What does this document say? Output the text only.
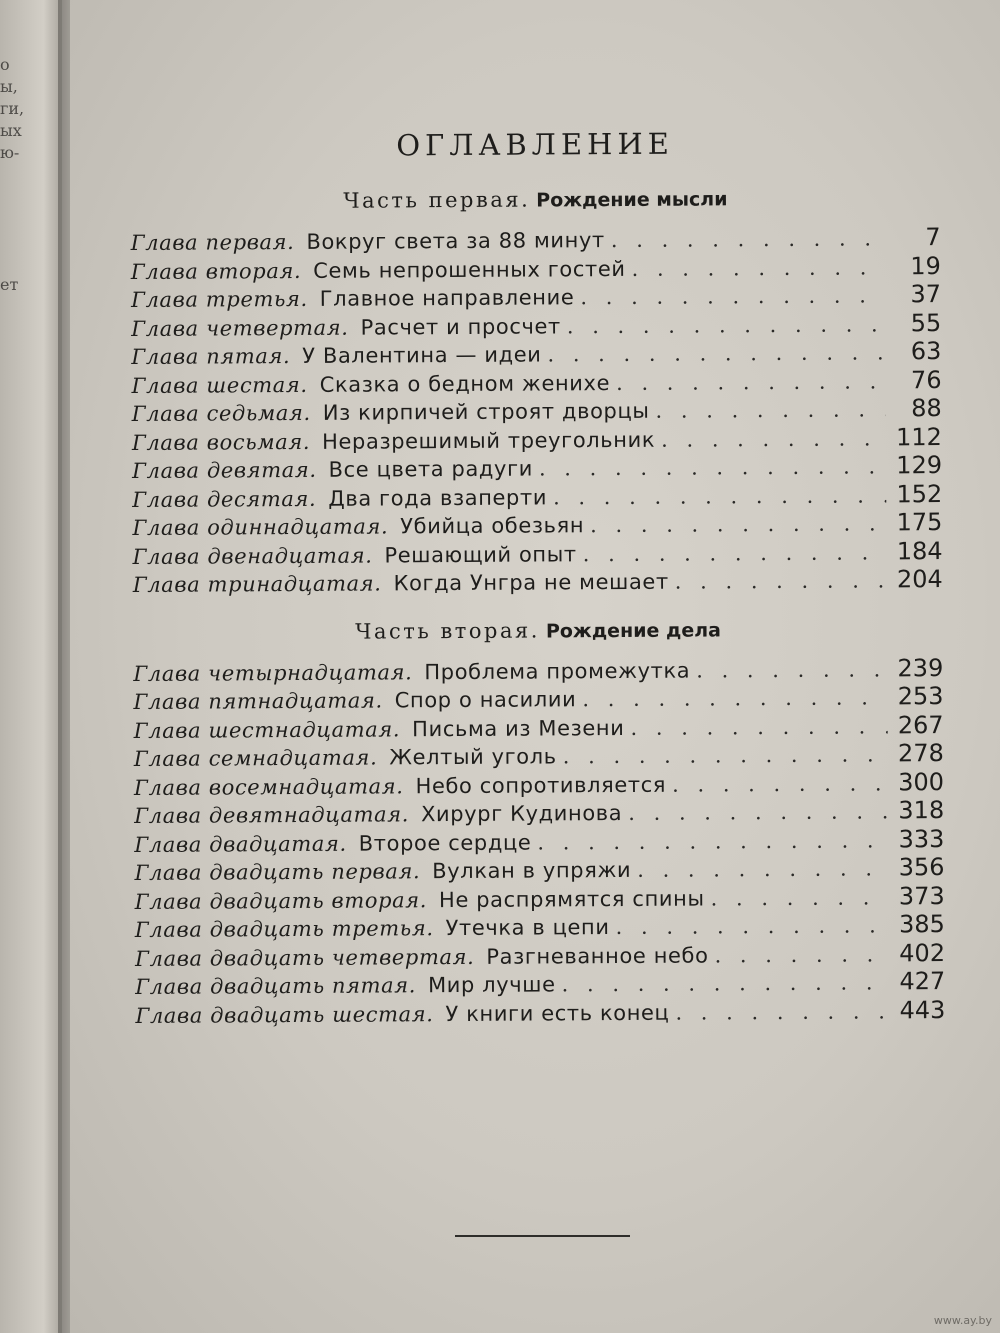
о
ы,
ги,
ых
ю-
ет
ОГЛАВЛЕНИЕ
Часть первая. Рождение мысли
Глава первая. Вокруг света за 88 минут . . .	7
Глава вторая. Семь непрошенных гостей . . .	19
Глава третья. Главное направление . . .	37
Глава четвертая. Расчет и просчет . . .	55
Глава пятая. У Валентина — идеи . . .	63
Глава шестая. Сказка о бедном женихе . . .	76
Глава седьмая. Из кирпичей строят дворцы . . .	88
Глава восьмая. Неразрешимый треугольник . . .	112
Глава девятая. Все цвета радуги . . .	129
Глава десятая. Два года взаперти . . .	152
Глава одиннадцатая. Убийца обезьян . . .	175
Глава двенадцатая. Решающий опыт . . .	184
Глава тринадцатая. Когда Унгра не мешает . . .	204
Часть вторая. Рождение дела
Глава четырнадцатая. Проблема промежутка . . .	239
Глава пятнадцатая. Спор о насилии . . .	253
Глава шестнадцатая. Письма из Мезени . . .	267
Глава семнадцатая. Желтый уголь . . .	278
Глава восемнадцатая. Небо сопротивляется . . .	300
Глава девятнадцатая. Хирург Кудинова . . .	318
Глава двадцатая. Второе сердце . . .	333
Глава двадцать первая. Вулкан в упряжи . . .	356
Глава двадцать вторая. Не распрямятся спины . . .	373
Глава двадцать третья. Утечка в цепи . . .	385
Глава двадцать четвертая. Разгневанное небо . . .	402
Глава двадцать пятая. Мир лучше . . .	427
Глава двадцать шестая. У книги есть конец . . .	443
www.ay.by
